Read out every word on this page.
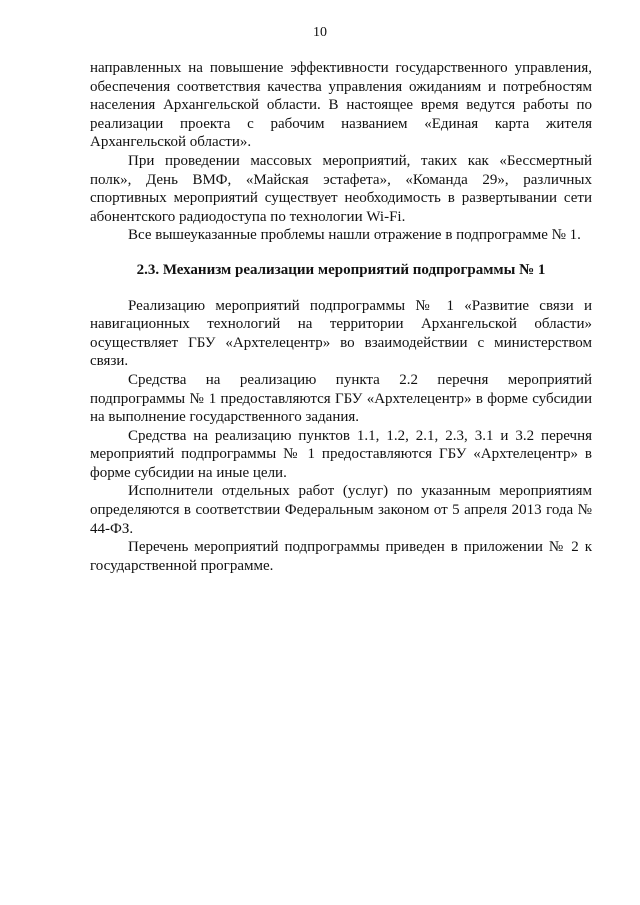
10

направленных на повышение эффективности государственного управления, обеспечения соответствия качества управления ожиданиям и потребностям населения Архангельской области. В настоящее время ведутся работы по реализации проекта с рабочим названием «Единая карта жителя Архангельской области».

При проведении массовых мероприятий, таких как «Бессмертный полк», День ВМФ, «Майская эстафета», «Команда 29», различных спортивных мероприятий существует необходимость в развертывании сети абонентского радиодоступа по технологии Wi-Fi.

Все вышеуказанные проблемы нашли отражение в подпрограмме № 1.

2.3. Механизм реализации мероприятий подпрограммы № 1

Реализацию мероприятий подпрограммы № 1 «Развитие связи и навигационных технологий на территории Архангельской области» осуществляет ГБУ «Архтелецентр» во взаимодействии с министерством связи.

Средства на реализацию пункта 2.2 перечня мероприятий подпрограммы № 1 предоставляются ГБУ «Архтелецентр» в форме субсидии на выполнение государственного задания.

Средства на реализацию пунктов 1.1, 1.2, 2.1, 2.3, 3.1 и 3.2 перечня мероприятий подпрограммы № 1 предоставляются ГБУ «Архтелецентр» в форме субсидии на иные цели.

Исполнители отдельных работ (услуг) по указанным мероприятиям определяются в соответствии Федеральным законом от 5 апреля 2013 года № 44-ФЗ.

Перечень мероприятий подпрограммы приведен в приложении № 2 к государственной программе.
